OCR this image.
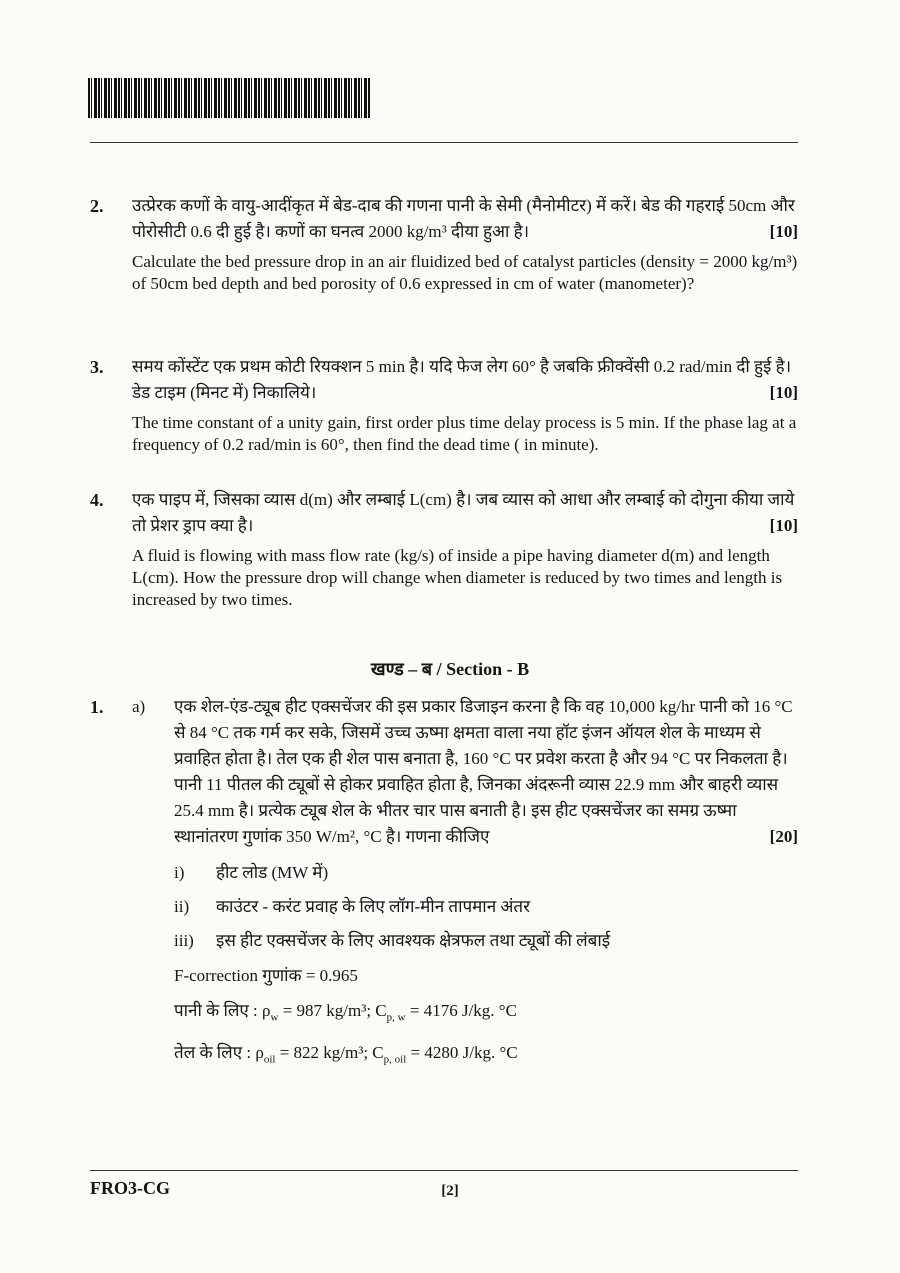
2. उत्प्रेरक कणों के वायु-आदींकृत में बेड-दाब की गणना पानी के सेमी (मैनोमीटर) में करें। बेड की गहराई 50cm और पोरोसीटी 0.6 दी हुई है। कणों का घनत्व 2000 kg/m³ दीया हुआ है।	[10]

Calculate the bed pressure drop in an air fluidized bed of catalyst particles (density = 2000 kg/m³) of 50cm bed depth and bed porosity of 0.6 expressed in cm of water (manometer)?

3. समय कोंस्टेंट एक प्रथम कोटी रियक्शन 5 min है। यदि फेज लेग 60° है जबकि फ्रीक्वेंसी 0.2 rad/min दी हुई है। डेड टाइम (मिनट में) निकालिये।	[10]

The time constant of a unity gain, first order plus time delay process is 5 min. If the phase lag at a frequency of 0.2 rad/min is 60°, then find the dead time ( in minute).

4. एक पाइप में, जिसका व्यास d(m) और लम्बाई L(cm) है। जब व्यास को आधा और लम्बाई को दोगुना कीया जाये तो प्रेशर ड्राप क्या है।	[10]

A fluid is flowing with mass flow rate (kg/s) of inside a pipe having diameter d(m) and length L(cm). How the pressure drop will change when diameter is reduced by two times and length is increased by two times.

खण्ड – ब / Section - B
1. a) एक शेल-एंड-ट्यूब हीट एक्सचेंजर की इस प्रकार डिजाइन करना है कि वह 10,000 kg/hr पानी को 16 °C से 84 °C तक गर्म कर सके, जिसमें उच्च ऊष्मा क्षमता वाला नया हॉट इंजन ऑयल शेल के माध्यम से प्रवाहित होता है। तेल एक ही शेल पास बनाता है, 160 °C पर प्रवेश करता है और 94 °C पर निकलता है। पानी 11 पीतल की ट्यूबों से होकर प्रवाहित होता है, जिनका अंदरूनी व्यास 22.9 mm और बाहरी व्यास 25.4 mm है। प्रत्येक ट्यूब शेल के भीतर चार पास बनाती है। इस हीट एक्सचेंजर का समग्र ऊष्मा स्थानांतरण गुणांक 350 W/m², °C है। गणना कीजिए	[20]

i) हीट लोड (MW में)
ii) काउंटर - करंट प्रवाह के लिए लॉग-मीन तापमान अंतर
iii) इस हीट एक्सचेंजर के लिए आवश्यक क्षेत्रफल तथा ट्यूबों की लंबाई
F-correction गुणांक = 0.965
पानी के लिए : $\rho_w = 987$ kg/m³; $C_{p, w} = 4176$ J/kg. °C
तेल के लिए : $\rho_{oil} = 822$ kg/m³; $C_{p, oil} = 4280$ J/kg. °C
FRO3-CG	[2]
